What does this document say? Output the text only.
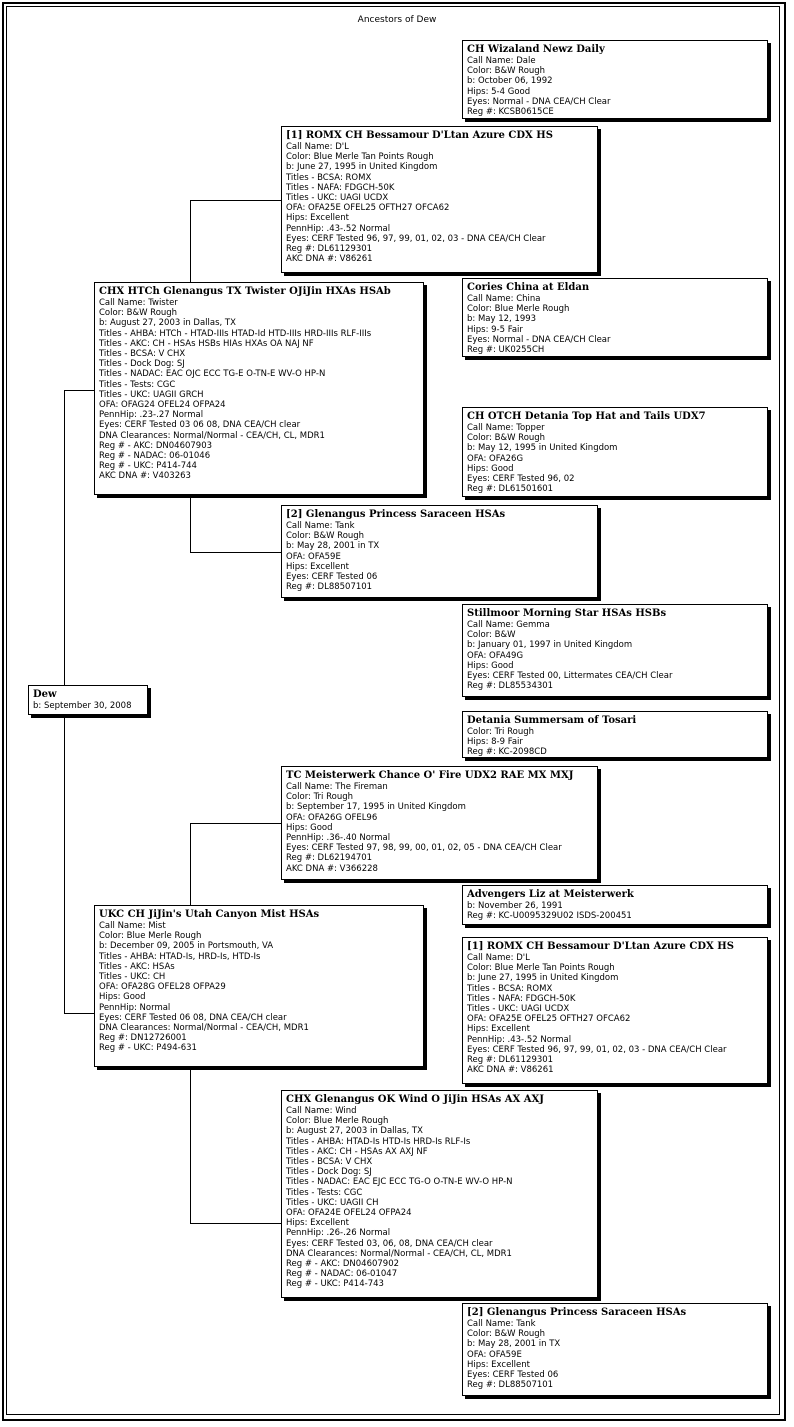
Ancestors of Dew
Dew
b: September 30, 2008
CHX HTCh Glenangus TX Twister OJiJin HXAs HSAb
Call Name: Twister
Color: B&W Rough
b: August 27, 2003 in Dallas, TX
Titles - AHBA: HTCh - HTAD-IIIs HTAD-Id HTD-IIIs HRD-IIIs RLF-IIIs
Titles - AKC: CH - HSAs HSBs HIAs HXAs OA NAJ NF
Titles - BCSA: V CHX
Titles - Dock Dog: SJ
Titles - NADAC: EAC OJC ECC TG-E O-TN-E WV-O HP-N
Titles - Tests: CGC
Titles - UKC: UAGII GRCH
OFA: OFAG24 OFEL24 OFPA24
PennHip: .23-.27 Normal
Eyes: CERF Tested 03 06 08, DNA CEA/CH clear
DNA Clearances: Normal/Normal - CEA/CH, CL, MDR1
Reg # - AKC: DN04607903
Reg # - NADAC: 06-01046
Reg # - UKC: P414-744
AKC DNA #: V403263
UKC CH JiJin's Utah Canyon Mist HSAs
Call Name: Mist
Color: Blue Merle Rough
b: December 09, 2005 in Portsmouth, VA
Titles - AHBA: HTAD-Is, HRD-Is, HTD-Is
Titles - AKC: HSAs
Titles - UKC: CH
OFA: OFA28G OFEL28 OFPA29
Hips: Good
PennHip: Normal
Eyes: CERF Tested 06 08, DNA CEA/CH clear
DNA Clearances: Normal/Normal - CEA/CH, MDR1
Reg #: DN12726001
Reg # - UKC: P494-631
[1] ROMX CH Bessamour D'Ltan Azure CDX HS
Call Name: D'L
Color: Blue Merle Tan Points Rough
b: June 27, 1995 in United Kingdom
Titles - BCSA: ROMX
Titles - NAFA: FDGCH-50K
Titles - UKC: UAGI UCDX
OFA: OFA25E OFEL25 OFTH27 OFCA62
Hips: Excellent
PennHip: .43-.52 Normal
Eyes: CERF Tested 96, 97, 99, 01, 02, 03 - DNA CEA/CH Clear
Reg #: DL61129301
AKC DNA #: V86261
[2] Glenangus Princess Saraceen HSAs
Call Name: Tank
Color: B&W Rough
b: May 28, 2001 in TX
OFA: OFA59E
Hips: Excellent
Eyes: CERF Tested 06
Reg #: DL88507101
TC Meisterwerk Chance O' Fire UDX2 RAE MX MXJ
Call Name: The Fireman
Color: Tri Rough
b: September 17, 1995 in United Kingdom
OFA: OFA26G OFEL96
Hips: Good
PennHip: .36-.40 Normal
Eyes: CERF Tested 97, 98, 99, 00, 01, 02, 05 - DNA CEA/CH Clear
Reg #: DL62194701
AKC DNA #: V366228
CHX Glenangus OK Wind O JiJin HSAs AX AXJ
Call Name: Wind
Color: Blue Merle Rough
b: August 27, 2003 in Dallas, TX
Titles - AHBA: HTAD-Is HTD-Is HRD-Is RLF-Is
Titles - AKC: CH - HSAs AX AXJ NF
Titles - BCSA: V CHX
Titles - Dock Dog: SJ
Titles - NADAC: EAC EJC ECC TG-O O-TN-E WV-O HP-N
Titles - Tests: CGC
Titles - UKC: UAGII CH
OFA: OFA24E OFEL24 OFPA24
Hips: Excellent
PennHip: .26-.26 Normal
Eyes: CERF Tested 03, 06, 08, DNA CEA/CH clear
DNA Clearances: Normal/Normal - CEA/CH, CL, MDR1
Reg # - AKC: DN04607902
Reg # - NADAC: 06-01047
Reg # - UKC: P414-743
CH Wizaland Newz Daily
Call Name: Dale
Color: B&W Rough
b: October 06, 1992
Hips: 5-4 Good
Eyes: Normal - DNA CEA/CH Clear
Reg #: KCSB0615CE
Cories China at Eldan
Call Name: China
Color: Blue Merle Rough
b: May 12, 1993
Hips: 9-5 Fair
Eyes: Normal - DNA CEA/CH Clear
Reg #: UK0255CH
CH OTCH Detania Top Hat and Tails UDX7
Call Name: Topper
Color: B&W Rough
b: May 12, 1995 in United Kingdom
OFA: OFA26G
Hips: Good
Eyes: CERF Tested 96, 02
Reg #: DL61501601
Stillmoor Morning Star HSAs HSBs
Call Name: Gemma
Color: B&W
b: January 01, 1997 in United Kingdom
OFA: OFA49G
Hips: Good
Eyes: CERF Tested 00, Littermates CEA/CH Clear
Reg #: DL85534301
Detania Summersam of Tosari
Color: Tri Rough
Hips: 8-9 Fair
Reg #: KC-2098CD
Advengers Liz at Meisterwerk
b: November 26, 1991
Reg #: KC-U0095329U02 ISDS-200451
[1] ROMX CH Bessamour D'Ltan Azure CDX HS
Call Name: D'L
Color: Blue Merle Tan Points Rough
b: June 27, 1995 in United Kingdom
Titles - BCSA: ROMX
Titles - NAFA: FDGCH-50K
Titles - UKC: UAGI UCDX
OFA: OFA25E OFEL25 OFTH27 OFCA62
Hips: Excellent
PennHip: .43-.52 Normal
Eyes: CERF Tested 96, 97, 99, 01, 02, 03 - DNA CEA/CH Clear
Reg #: DL61129301
AKC DNA #: V86261
[2] Glenangus Princess Saraceen HSAs
Call Name: Tank
Color: B&W Rough
b: May 28, 2001 in TX
OFA: OFA59E
Hips: Excellent
Eyes: CERF Tested 06
Reg #: DL88507101
